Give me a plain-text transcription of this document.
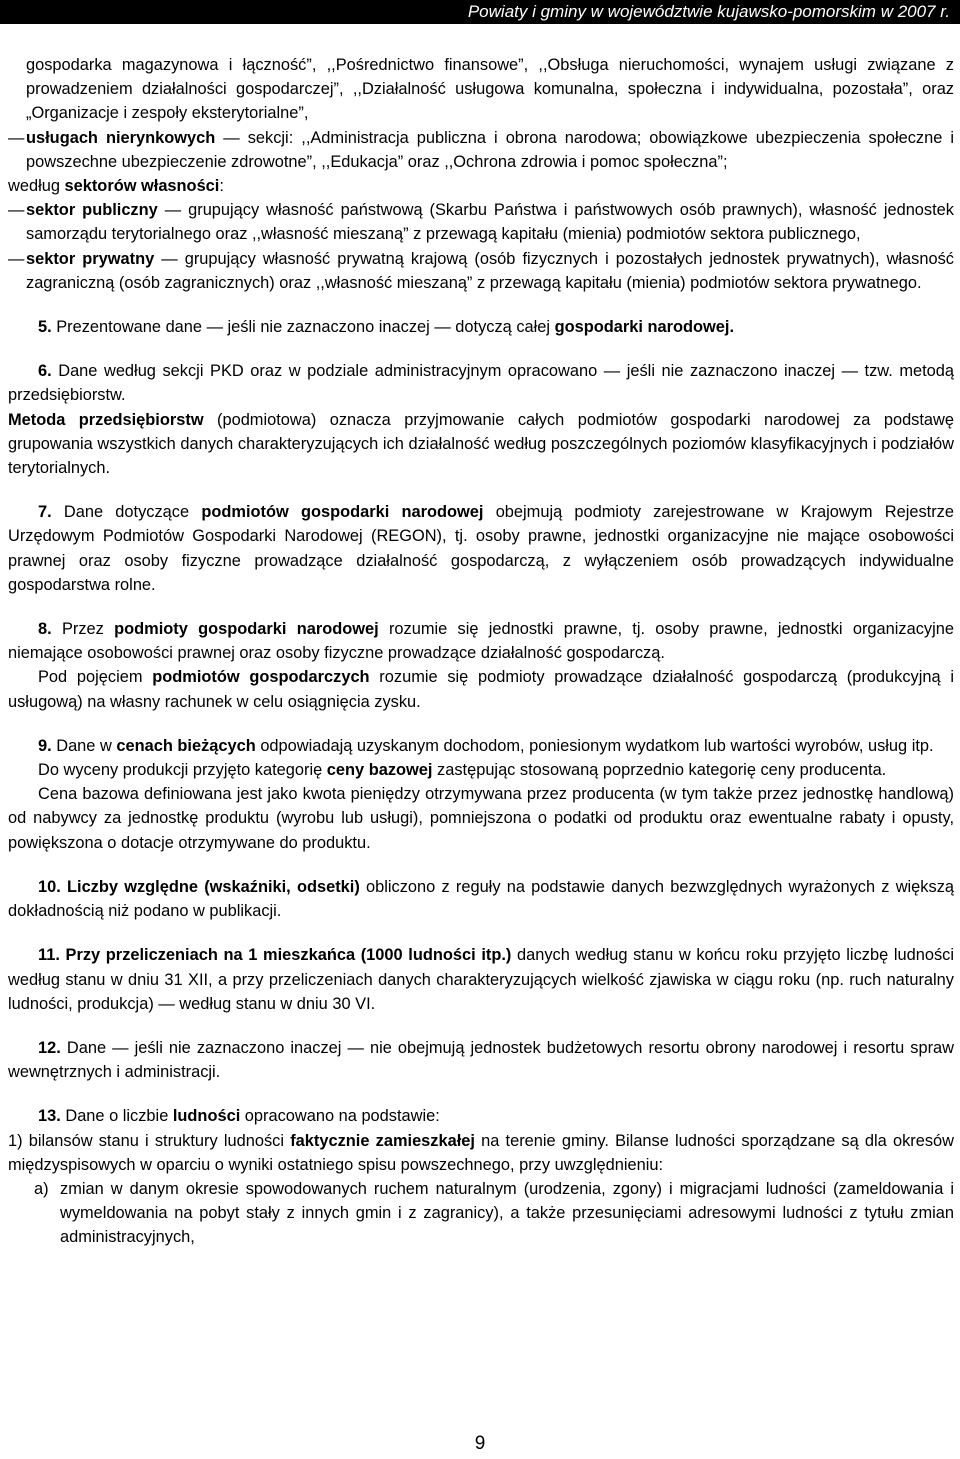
Powiaty i gminy w województwie kujawsko-pomorskim w 2007 r.

gospodarka magazynowa i łączność”, ,,Pośrednictwo finansowe”, ,,Obsługa nieruchomości, wynajem usługi związane z prowadzeniem działalności gospodarczej”, ,,Działalność usługowa komunalna, społeczna i indywidualna, pozostała”, oraz „Organizacje i zespoły eksterytorialne”,

— usługach nierynkowych — sekcji: ,,Administracja publiczna i obrona narodowa; obowiązkowe ubezpieczenia społeczne i powszechne ubezpieczenie zdrowotne”, ,,Edukacja” oraz ,,Ochrona zdrowia i pomoc społeczna”;

według sektorów własności:

— sektor publiczny — grupujący własność państwową (Skarbu Państwa i państwowych osób prawnych), własność jednostek samorządu terytorialnego oraz ,,własność mieszaną” z przewagą kapitału (mienia) podmiotów sektora publicznego,

— sektor prywatny — grupujący własność prywatną krajową (osób fizycznych i pozostałych jednostek prywatnych), własność zagraniczną (osób zagranicznych) oraz ,,własność mieszaną” z przewagą kapitału (mienia) podmiotów sektora prywatnego.

5. Prezentowane dane — jeśli nie zaznaczono inaczej — dotyczą całej gospodarki narodowej.

6. Dane według sekcji PKD oraz w podziale administracyjnym opracowano — jeśli nie zaznaczono inaczej — tzw. metodą przedsiębiorstw.

Metoda przedsiębiorstw (podmiotowa) oznacza przyjmowanie całych podmiotów gospodarki narodowej za podstawę grupowania wszystkich danych charakteryzujących ich działalność według poszczególnych poziomów klasyfikacyjnych i podziałów terytorialnych.

7. Dane dotyczące podmiotów gospodarki narodowej obejmują podmioty zarejestrowane w Krajowym Rejestrze Urzędowym Podmiotów Gospodarki Narodowej (REGON), tj. osoby prawne, jednostki organizacyjne nie mające osobowości prawnej oraz osoby fizyczne prowadzące działalność gospodarczą, z wyłączeniem osób prowadzących indywidualne gospodarstwa rolne.

8. Przez podmioty gospodarki narodowej rozumie się jednostki prawne, tj. osoby prawne, jednostki organizacyjne niemające osobowości prawnej oraz osoby fizyczne prowadzące działalność gospodarczą.

Pod pojęciem podmiotów gospodarczych rozumie się podmioty prowadzące działalność gospodarczą (produkcyjną i usługową) na własny rachunek w celu osiągnięcia zysku.

9. Dane w cenach bieżących odpowiadają uzyskanym dochodom, poniesionym wydatkom lub wartości wyrobów, usług itp.

Do wyceny produkcji przyjęto kategorię ceny bazowej zastępując stosowaną poprzednio kategorię ceny producenta.

Cena bazowa definiowana jest jako kwota pieniędzy otrzymywana przez producenta (w tym także przez jednostkę handlową) od nabywcy za jednostkę produktu (wyrobu lub usługi), pomniejszona o podatki od produktu oraz ewentualne rabaty i opusty, powiększona o dotacje otrzymywane do produktu.

10. Liczby względne (wskaźniki, odsetki) obliczono z reguły na podstawie danych bezwzględnych wyrażonych z większą dokładnością niż podano w publikacji.

11. Przy przeliczeniach na 1 mieszkańca (1000 ludności itp.) danych według stanu w końcu roku przyjęto liczbę ludności według stanu w dniu 31 XII, a przy przeliczeniach danych charakteryzujących wielkość zjawiska w ciągu roku (np. ruch naturalny ludności, produkcja) — według stanu w dniu 30 VI.

12. Dane — jeśli nie zaznaczono inaczej — nie obejmują jednostek budżetowych resortu obrony narodowej i resortu spraw wewnętrznych i administracji.

13. Dane o liczbie ludności opracowano na podstawie:

1) bilansów stanu i struktury ludności faktycznie zamieszkałej na terenie gminy. Bilanse ludności sporządzane są dla okresów międzyspisowych w oparciu o wyniki ostatniego spisu powszechnego, przy uwzględnieniu:

a) zmian w danym okresie spowodowanych ruchem naturalnym (urodzenia, zgony) i migracjami ludności (zameldowania i wymeldowania na pobyt stały z innych gmin i z zagranicy), a także przesunięciami adresowymi ludności z tytułu zmian administracyjnych,

9
